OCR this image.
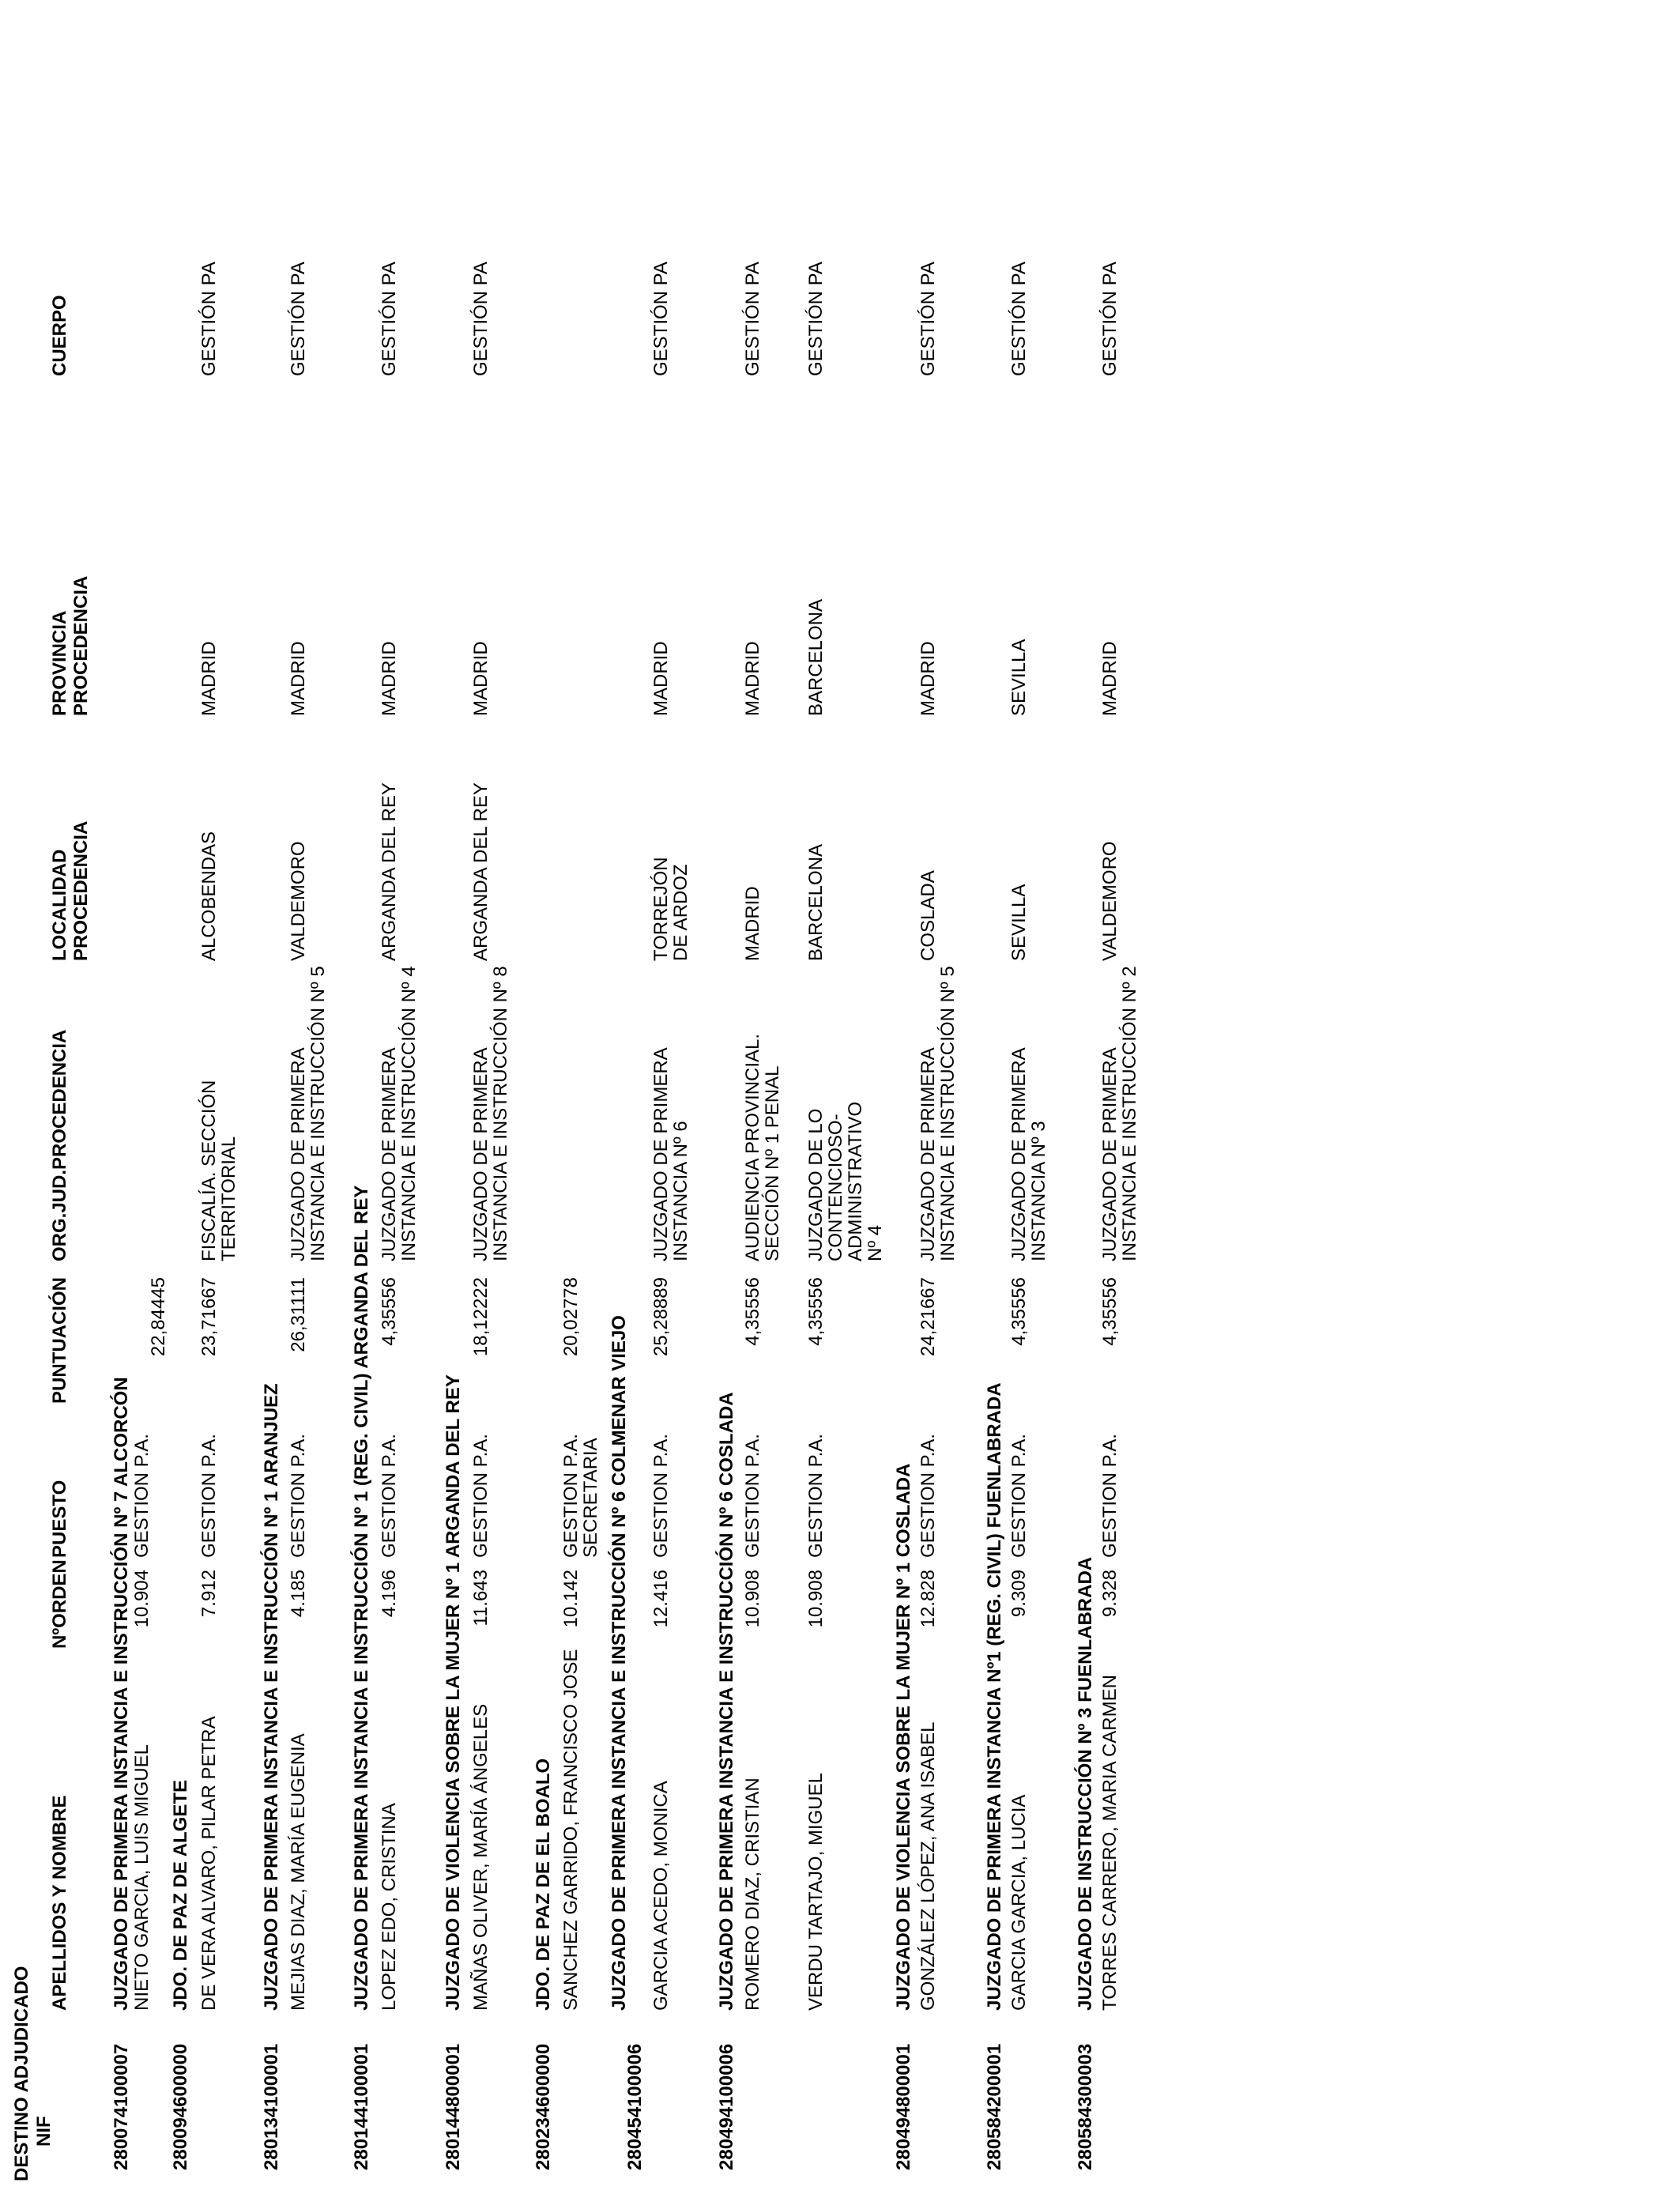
DESTINO ADJUDICADO NIF
APELLIDOS Y NOMBRE
NºORDEN
PUESTO
PUNTUACIÓN
ORG.JUD.PROCEDENCIA
LOCALIDAD PROCEDENCIA
PROVINCIA PROCEDENCIA
CUERPO
280074100007
JUZGADO DE PRIMERA INSTANCIA E INSTRUCCIÓN Nº 7 ALCORCÓN NIETO GARCIA, LUIS MIGUEL
10.904
GESTION P.A.
22,84445
280094600000
JDO. DE PAZ DE ALGETE DE VERA ALVARO, PILAR PETRA
7.912
GESTION P.A.
23,71667
FISCALÍA. SECCIÓN TERRITORIAL
ALCOBENDAS
MADRID
GESTIÓN PA
280134100001
JUZGADO DE PRIMERA INSTANCIA E INSTRUCCIÓN Nº 1 ARANJUEZ MEJIAS DIAZ, MARÍA EUGENIA
4.185
GESTION P.A.
26,31111
JUZGADO DE PRIMERA INSTANCIA E INSTRUCCIÓN Nº 5
VALDEMORO
MADRID
GESTIÓN PA
280144100001
JUZGADO DE PRIMERA INSTANCIA E INSTRUCCIÓN Nº 1 (REG. CIVIL) ARGANDA DEL REY LOPEZ EDO, CRISTINA
4.196
GESTION P.A.
4,35556
JUZGADO DE PRIMERA INSTANCIA E INSTRUCCIÓN Nº 4
ARGANDA DEL REY
MADRID
GESTIÓN PA
280144800001
JUZGADO DE VIOLENCIA SOBRE LA MUJER Nº 1 ARGANDA DEL REY MAÑAS OLIVER, MARÍA ÁNGELES
11.643
GESTION P.A.
18,12222
JUZGADO DE PRIMERA INSTANCIA E INSTRUCCIÓN Nº 8
ARGANDA DEL REY
MADRID
GESTIÓN PA
280234600000
JDO. DE PAZ DE EL BOALO SANCHEZ GARRIDO, FRANCISCO JOSE
10.142
GESTION P.A. SECRETARIA
20,02778
280454100006
JUZGADO DE PRIMERA INSTANCIA E INSTRUCCIÓN Nº 6 COLMENAR VIEJO GARCIA ACEDO, MONICA
12.416
GESTION P.A.
25,28889
JUZGADO DE PRIMERA INSTANCIA Nº 6
TORREJÓN DE ARDOZ
MADRID
GESTIÓN PA
280494100006
JUZGADO DE PRIMERA INSTANCIA E INSTRUCCIÓN Nº 6 COSLADA ROMERO DIAZ, CRISTIAN
10.908
GESTION P.A.
4,35556
AUDIENCIA PROVINCIAL. SECCIÓN Nº 1 PENAL
MADRID
MADRID
GESTIÓN PA
VERDU TARTAJO, MIGUEL
10.908
GESTION P.A.
4,35556
JUZGADO DE LO CONTENCIOSO-ADMINISTRATIVO Nº 4
BARCELONA
BARCELONA
GESTIÓN PA
280494800001
JUZGADO DE VIOLENCIA SOBRE LA MUJER Nº 1 COSLADA GONZÁLEZ LÓPEZ, ANA ISABEL
12.828
GESTION P.A.
24,21667
JUZGADO DE PRIMERA INSTANCIA E INSTRUCCIÓN Nº 5
COSLADA
MADRID
GESTIÓN PA
280584200001
JUZGADO DE PRIMERA INSTANCIA Nº1 (REG. CIVIL) FUENLABRADA GARCIA GARCIA, LUCIA
9.309
GESTION P.A.
4,35556
JUZGADO DE PRIMERA INSTANCIA Nº 3
SEVILLA
SEVILLA
GESTIÓN PA
280584300003
JUZGADO DE INSTRUCCIÓN Nº 3 FUENLABRADA TORRES CARRERO, MARIA CARMEN
9.328
GESTION P.A.
4,35556
JUZGADO DE PRIMERA INSTANCIA E INSTRUCCIÓN Nº 2
VALDEMORO
MADRID
GESTIÓN PA
